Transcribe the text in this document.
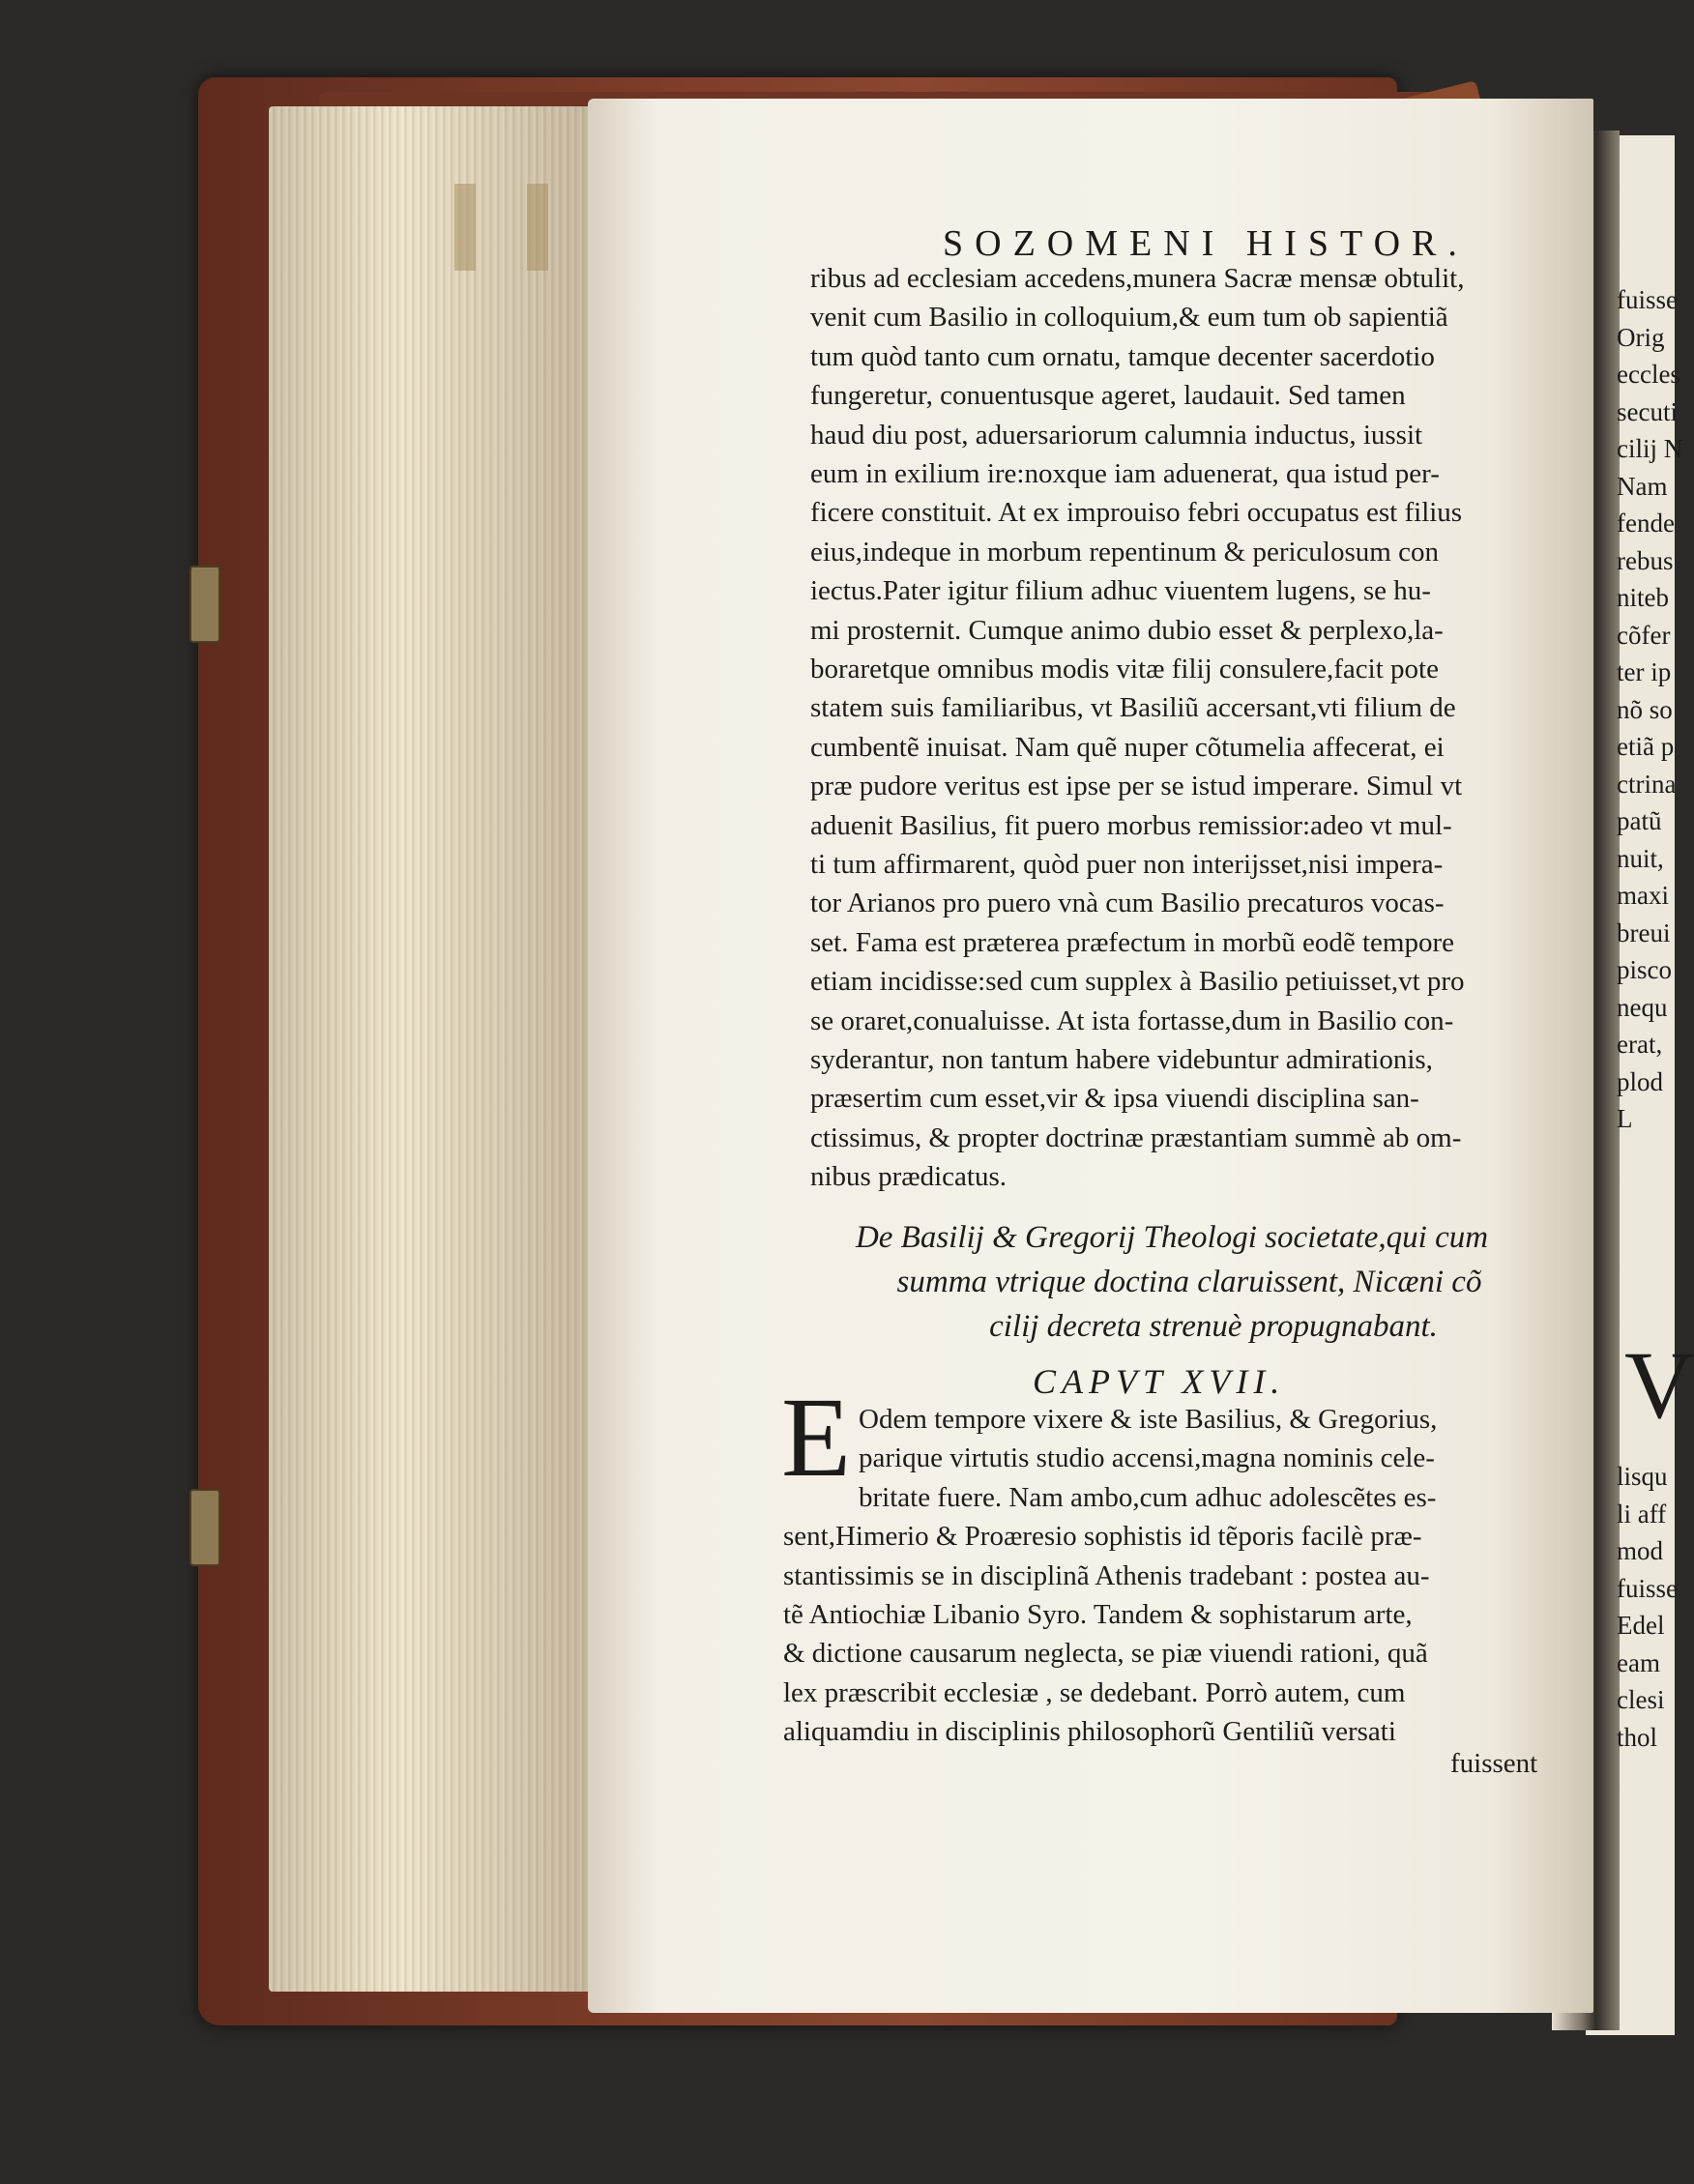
SOZOMENI HISTOR.
ribus ad ecclesiam accedens,munera Sacræ mensæ obtulit,
venit cum Basilio in colloquium,& eum tum ob sapientiã
tum quòd tanto cum ornatu, tamque decenter sacerdotio
fungeretur, conuentusque ageret, laudauit. Sed tamen
haud diu post, aduersariorum calumnia inductus, iussit
eum in exilium ire:noxque iam aduenerat, qua istud per-
ficere constituit. At ex improuiso febri occupatus est filius
eius,indeque in morbum repentinum & periculosum con
iectus.Pater igitur filium adhuc viuentem lugens, se hu-
mi prosternit. Cumque animo dubio esset & perplexo,la-
boraretque omnibus modis vitæ filij consulere,facit pote
statem suis familiaribus, vt Basiliũ accersant,vti filium de
cumbentẽ inuisat. Nam quẽ nuper cõtumelia affecerat, ei
præ pudore veritus est ipse per se istud imperare. Simul vt
aduenit Basilius, fit puero morbus remissior:adeo vt mul-
ti tum affirmarent, quòd puer non interijsset,nisi impera-
tor Arianos pro puero vnà cum Basilio precaturos vocas-
set. Fama est præterea præfectum in morbũ eodẽ tempore
etiam incidisse:sed cum supplex à Basilio petiuisset,vt pro
se oraret,conualuisse. At ista fortasse,dum in Basilio con-
syderantur, non tantum habere videbuntur admirationis,
præsertim cum esset,vir & ipsa viuendi disciplina san-
ctissimus, & propter doctrinæ præstantiam summè ab om-
nibus prædicatus.
De Basilij & Gregorij Theologi societate,qui cum
summa vtrique doctina claruissent, Nicæni cõ
cilij decreta strenuè propugnabant.
CAPVT XVII.
E Odem tempore vixere & iste Basilius, & Gregorius,
parique virtutis studio accensi,magna nominis cele-
britate fuere. Nam ambo,cum adhuc adolescẽtes es-
sent,Himerio & Proæresio sophistis id tẽporis facilè præ-
stantissimis se in disciplinã Athenis tradebant : postea au-
tẽ Antiochiæ Libanio Syro. Tandem & sophistarum arte,
& dictione causarum neglecta, se piæ viuendi rationi, quã
lex præscribit ecclesiæ , se dedebant. Porrò autem, cum
aliquamdiu in disciplinis philosophorũ Gentiliũ versati
fuissent
fuisse
Orig
eccles
secuti
cilij N
Nam
fende
rebus
niteb
cõfer
ter ip
nõ so
etiã p
ctrina
patũ
nuit,
maxi
breui
pisco
nequ
erat,
plod
L
V
lisqu
li aff
mod
fuisse
Edel
eam
clesi
thol
